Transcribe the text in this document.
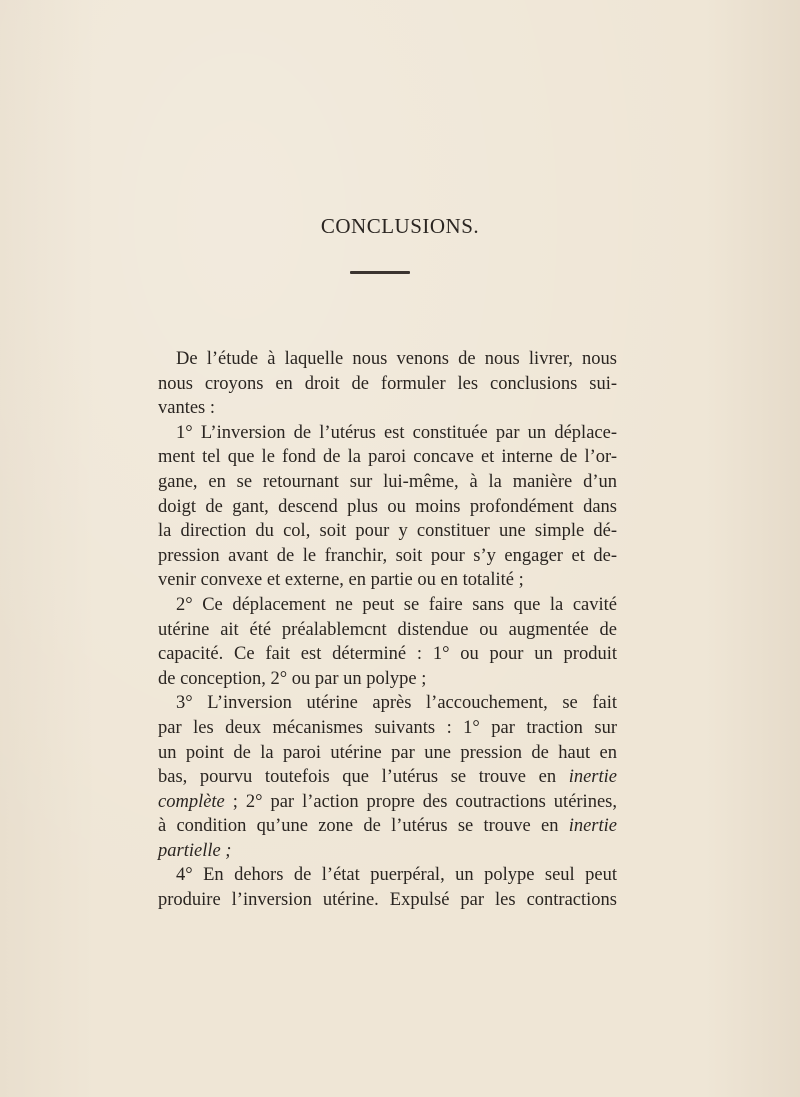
CONCLUSIONS.
De l’étude à laquelle nous venons de nous livrer, nous
nous croyons en droit de formuler les conclusions sui-
vantes :
1° L’inversion de l’utérus est constituée par un déplace-
ment tel que le fond de la paroi concave et interne de l’or-
gane, en se retournant sur lui-même, à la manière d’un
doigt de gant, descend plus ou moins profondément dans
la direction du col, soit pour y constituer une simple dé-
pression avant de le franchir, soit pour s’y engager et de-
venir convexe et externe, en partie ou en totalité ;
2° Ce déplacement ne peut se faire sans que la cavité
utérine ait été préalablemcnt distendue ou augmentée de
capacité. Ce fait est déterminé : 1° ou pour un produit
de conception, 2° ou par un polype ;
3° L’inversion utérine après l’accouchement, se fait
par les deux mécanismes suivants : 1° par traction sur
un point de la paroi utérine par une pression de haut en
bas, pourvu toutefois que l’utérus se trouve en inertie
complète ; 2° par l’action propre des coutractions utérines,
à condition qu’une zone de l’utérus se trouve en inertie
partielle ;
4° En dehors de l’état puerpéral, un polype seul peut
produire l’inversion utérine. Expulsé par les contractions
